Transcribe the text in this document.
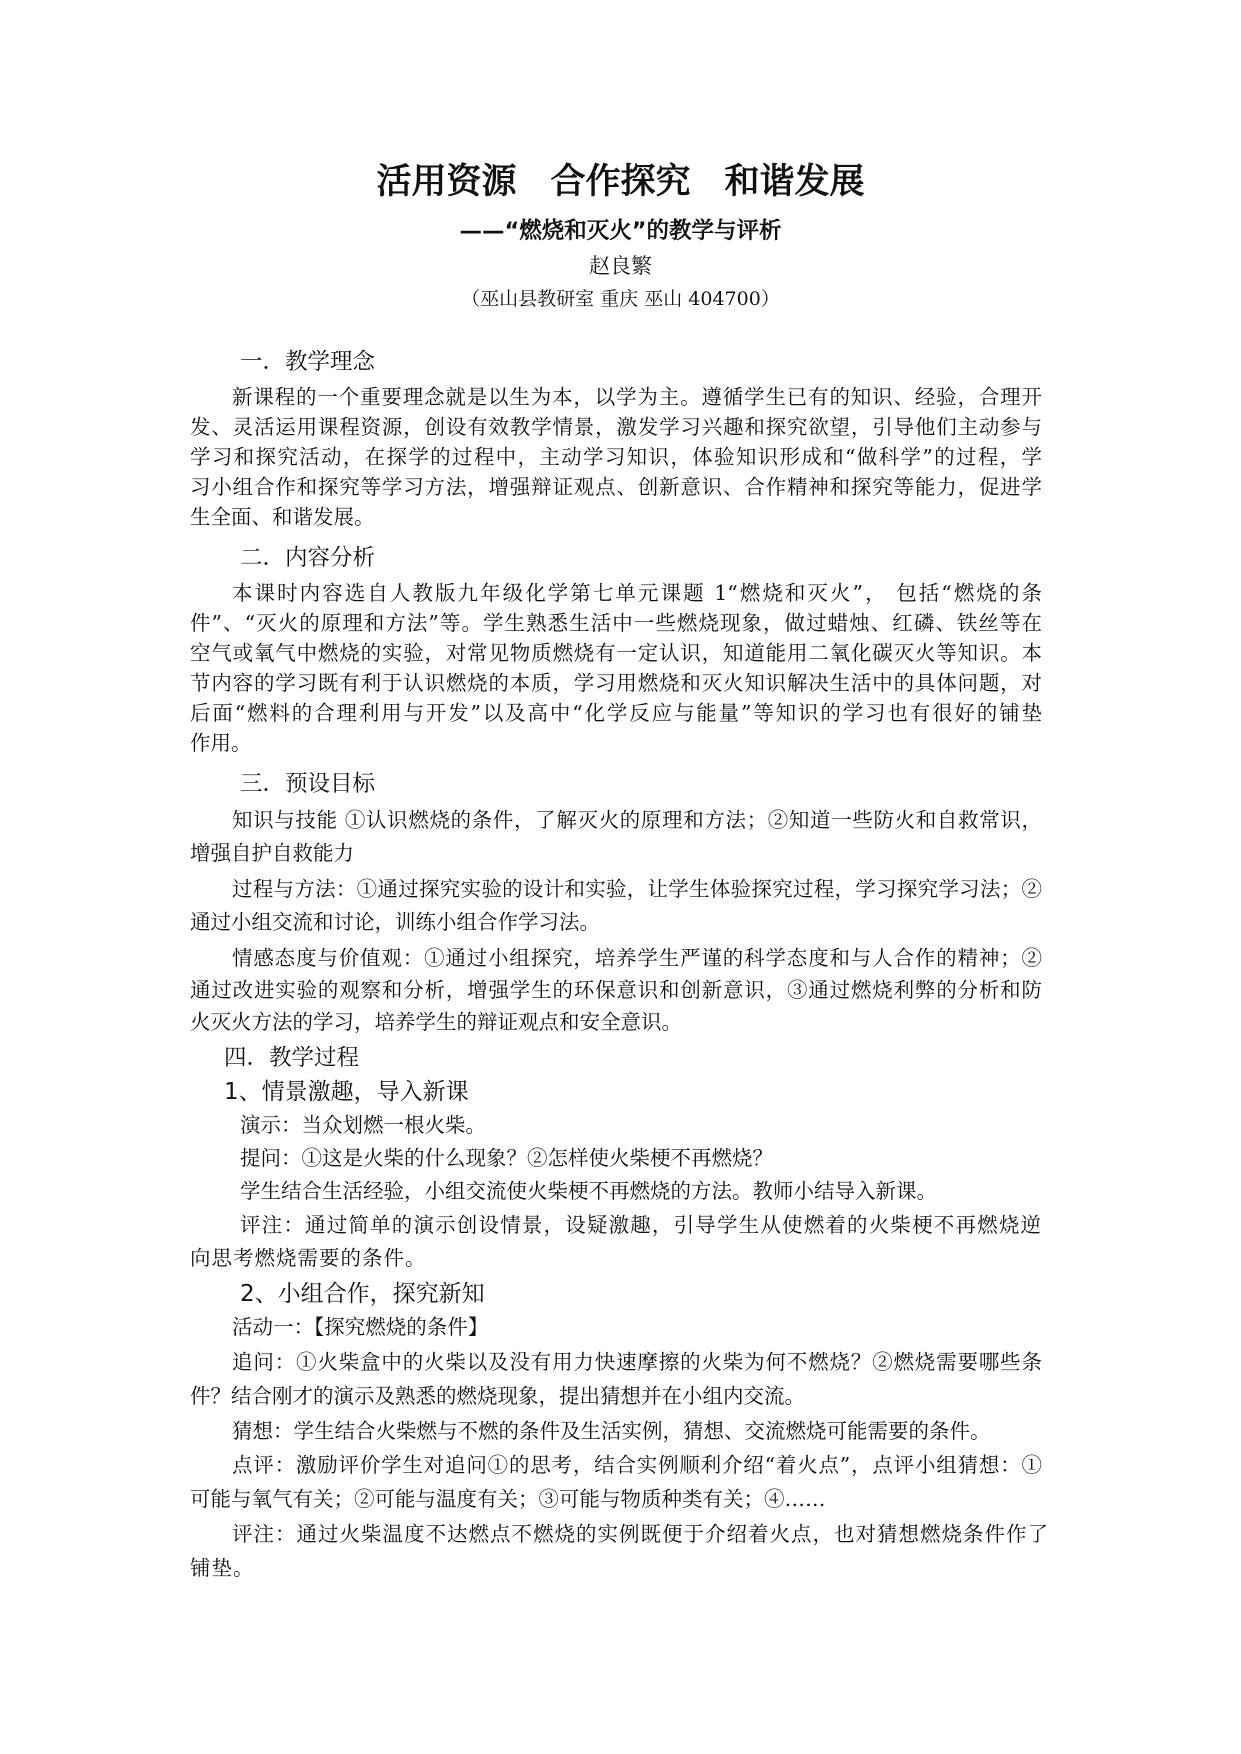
活用资源 合作探究 和谐发展
——“燃烧和灭火”的教学与评析
赵良繁
（巫山县教研室 重庆 巫山 404700）
一．教学理念
新课程的一个重要理念就是以生为本，以学为主。遵循学生已有的知识、经验，合理开
发、灵活运用课程资源，创设有效教学情景，激发学习兴趣和探究欲望，引导他们主动参与
学习和探究活动，在探学的过程中，主动学习知识，体验知识形成和“做科学”的过程，学
习小组合作和探究等学习方法，增强辩证观点、创新意识、合作精神和探究等能力，促进学
生全面、和谐发展。
二．内容分析
本课时内容选自人教版九年级化学第七单元课题 1“燃烧和灭火”， 包括“燃烧的条
件”、“灭火的原理和方法”等。学生熟悉生活中一些燃烧现象，做过蜡烛、红磷、铁丝等在
空气或氧气中燃烧的实验，对常见物质燃烧有一定认识，知道能用二氧化碳灭火等知识。本
节内容的学习既有利于认识燃烧的本质，学习用燃烧和灭火知识解决生活中的具体问题，对
后面“燃料的合理利用与开发”以及高中“化学反应与能量”等知识的学习也有很好的铺垫
作用。
三．预设目标
知识与技能 ①认识燃烧的条件，了解灭火的原理和方法；②知道一些防火和自救常识，
增强自护自救能力
过程与方法：①通过探究实验的设计和实验，让学生体验探究过程，学习探究学习法；②
通过小组交流和讨论，训练小组合作学习法。
情感态度与价值观：①通过小组探究，培养学生严谨的科学态度和与人合作的精神；②
通过改进实验的观察和分析，增强学生的环保意识和创新意识，③通过燃烧利弊的分析和防
火灭火方法的学习，培养学生的辩证观点和安全意识。
四．教学过程
1、情景激趣，导入新课
演示：当众划燃一根火柴。
提问：①这是火柴的什么现象？②怎样使火柴梗不再燃烧？
学生结合生活经验，小组交流使火柴梗不再燃烧的方法。教师小结导入新课。
评注：通过简单的演示创设情景，设疑激趣，引导学生从使燃着的火柴梗不再燃烧逆
向思考燃烧需要的条件。
2、小组合作，探究新知
活动一：【探究燃烧的条件】
追问：①火柴盒中的火柴以及没有用力快速摩擦的火柴为何不燃烧？②燃烧需要哪些条
件？结合刚才的演示及熟悉的燃烧现象，提出猜想并在小组内交流。
猜想：学生结合火柴燃与不燃的条件及生活实例，猜想、交流燃烧可能需要的条件。
点评：激励评价学生对追问①的思考，结合实例顺利介绍“着火点”，点评小组猜想：①
可能与氧气有关；②可能与温度有关；③可能与物质种类有关；④……
评注：通过火柴温度不达燃点不燃烧的实例既便于介绍着火点，也对猜想燃烧条件作了
铺垫。
